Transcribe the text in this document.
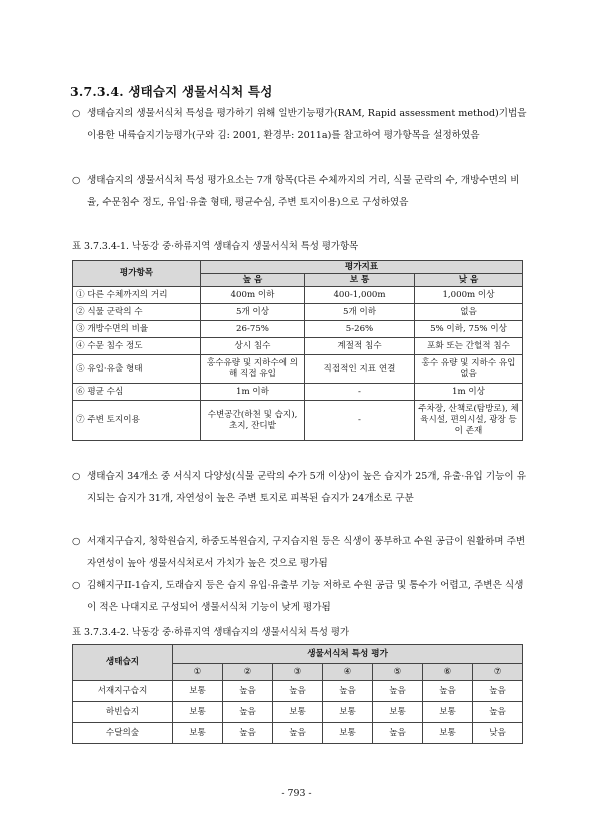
3.7.3.4. 생태습지 생물서식처 특성
○ 생태습지의 생물서식처 특성을 평가하기 위해 일반기능평가(RAM, Rapid assessment method)기법을 이용한 내륙습지기능평가(구와 김: 2001, 환경부: 2011a)를 참고하여 평가항목을 설정하였음
○ 생태습지의 생물서식처 특성 평가요소는 7개 항목(다른 수체까지의 거리, 식물 군락의 수, 개방수면의 비율, 수문침수 정도, 유입·유출 형태, 평균수심, 주변 토지이용)으로 구성하였음
표 3.7.3.4-1. 낙동강 중·하류지역 생태습지 생물서식처 특성 평가항목
평가항목	평가지표		
	높 음	보 통	낮 음
① 다른 수체까지의 거리	400m 이하	400-1,000m	1,000m 이상
② 식물 군락의 수	5개 이상	5개 이하	없음
③ 개방수면의 비율	26-75%	5-26%	5% 이하, 75% 이상
④ 수문 침수 정도	상시 침수	계절적 침수	포화 또는 간헐적 침수
⑤ 유입·유출 형태	홍수유량 및 지하수에 의해 직접 유입	직접적인 지표 연결	홍수 유량 및 지하수 유입 없음
⑥ 평균 수심	1m 이하	-	1m 이상
⑦ 주변 토지이용	수변공간(하천 및 습지), 초지, 잔디밭	-	주차장, 산책로(탐방로), 체육시설, 편의시설, 광장 등이 존재
○ 생태습지 34개소 중 서식지 다양성(식물 군락의 수가 5개 이상)이 높은 습지가 25개, 유출·유입 기능이 유지되는 습지가 31개, 자연성이 높은 주변 토지로 피복된 습지가 24개소로 구분
○ 서재지구습지, 청학원습지, 하중도복원습지, 구지습지원 등은 식생이 풍부하고 수원 공급이 원활하며 주변 자연성이 높아 생물서식처로서 가치가 높은 것으로 평가됨
○ 김해지구II-1습지, 도래습지 등은 습지 유입·유출부 기능 저하로 수원 공급 및 통수가 어렵고, 주변은 식생이 적은 나대지로 구성되어 생물서식처 기능이 낮게 평가됨
표 3.7.3.4-2. 낙동강 중·하류지역 생태습지의 생물서식처 특성 평가
생태습지	생물서식처 특성 평가						
	①	②	③	④	⑤	⑥	⑦
서재지구습지	보통	높음	높음	높음	높음	높음	높음
하빈습지	보통	높음	보통	보통	보통	보통	높음
수달의숲	보통	높음	높음	보통	높음	보통	낮음
- 793 -
